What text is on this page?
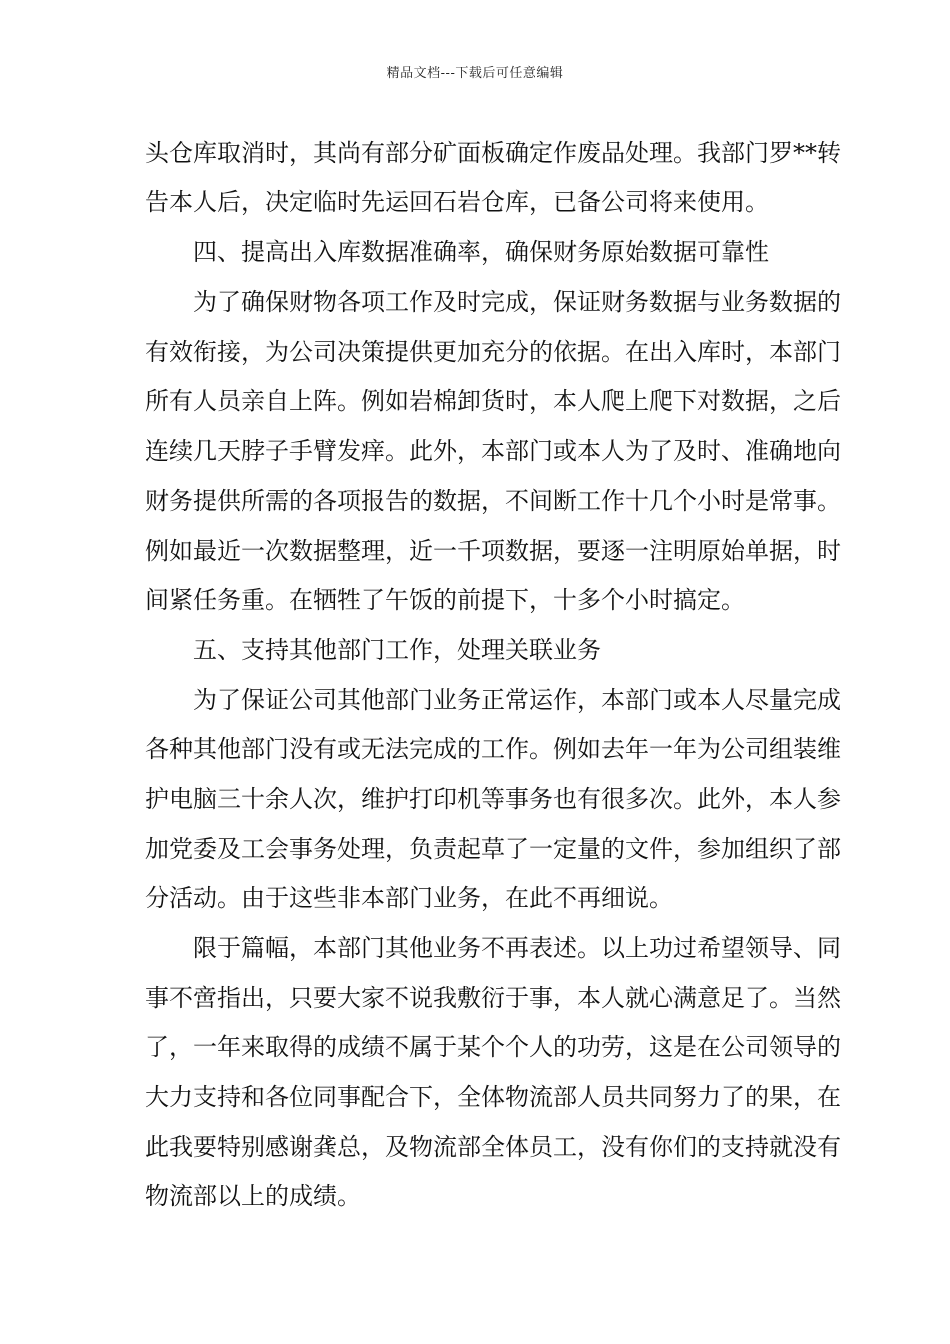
精品文档---下载后可任意编辑
头仓库取消时，其尚有部分矿面板确定作废品处理。我部门罗**转
告本人后，决定临时先运回石岩仓库，已备公司将来使用。
四、提高出入库数据准确率，确保财务原始数据可靠性
为了确保财物各项工作及时完成，保证财务数据与业务数据的
有效衔接，为公司决策提供更加充分的依据。在出入库时，本部门
所有人员亲自上阵。例如岩棉卸货时，本人爬上爬下对数据，之后
连续几天脖子手臂发痒。此外，本部门或本人为了及时、准确地向
财务提供所需的各项报告的数据，不间断工作十几个小时是常事。
例如最近一次数据整理，近一千项数据，要逐一注明原始单据，时
间紧任务重。在牺牲了午饭的前提下，十多个小时搞定。
五、支持其他部门工作，处理关联业务
为了保证公司其他部门业务正常运作，本部门或本人尽量完成
各种其他部门没有或无法完成的工作。例如去年一年为公司组装维
护电脑三十余人次，维护打印机等事务也有很多次。此外，本人参
加党委及工会事务处理，负责起草了一定量的文件，参加组织了部
分活动。由于这些非本部门业务，在此不再细说。
限于篇幅，本部门其他业务不再表述。以上功过希望领导、同
事不啻指出，只要大家不说我敷衍于事，本人就心满意足了。当然
了，一年来取得的成绩不属于某个个人的功劳，这是在公司领导的
大力支持和各位同事配合下，全体物流部人员共同努力了的果，在
此我要特别感谢龚总，及物流部全体员工，没有你们的支持就没有
物流部以上的成绩。
